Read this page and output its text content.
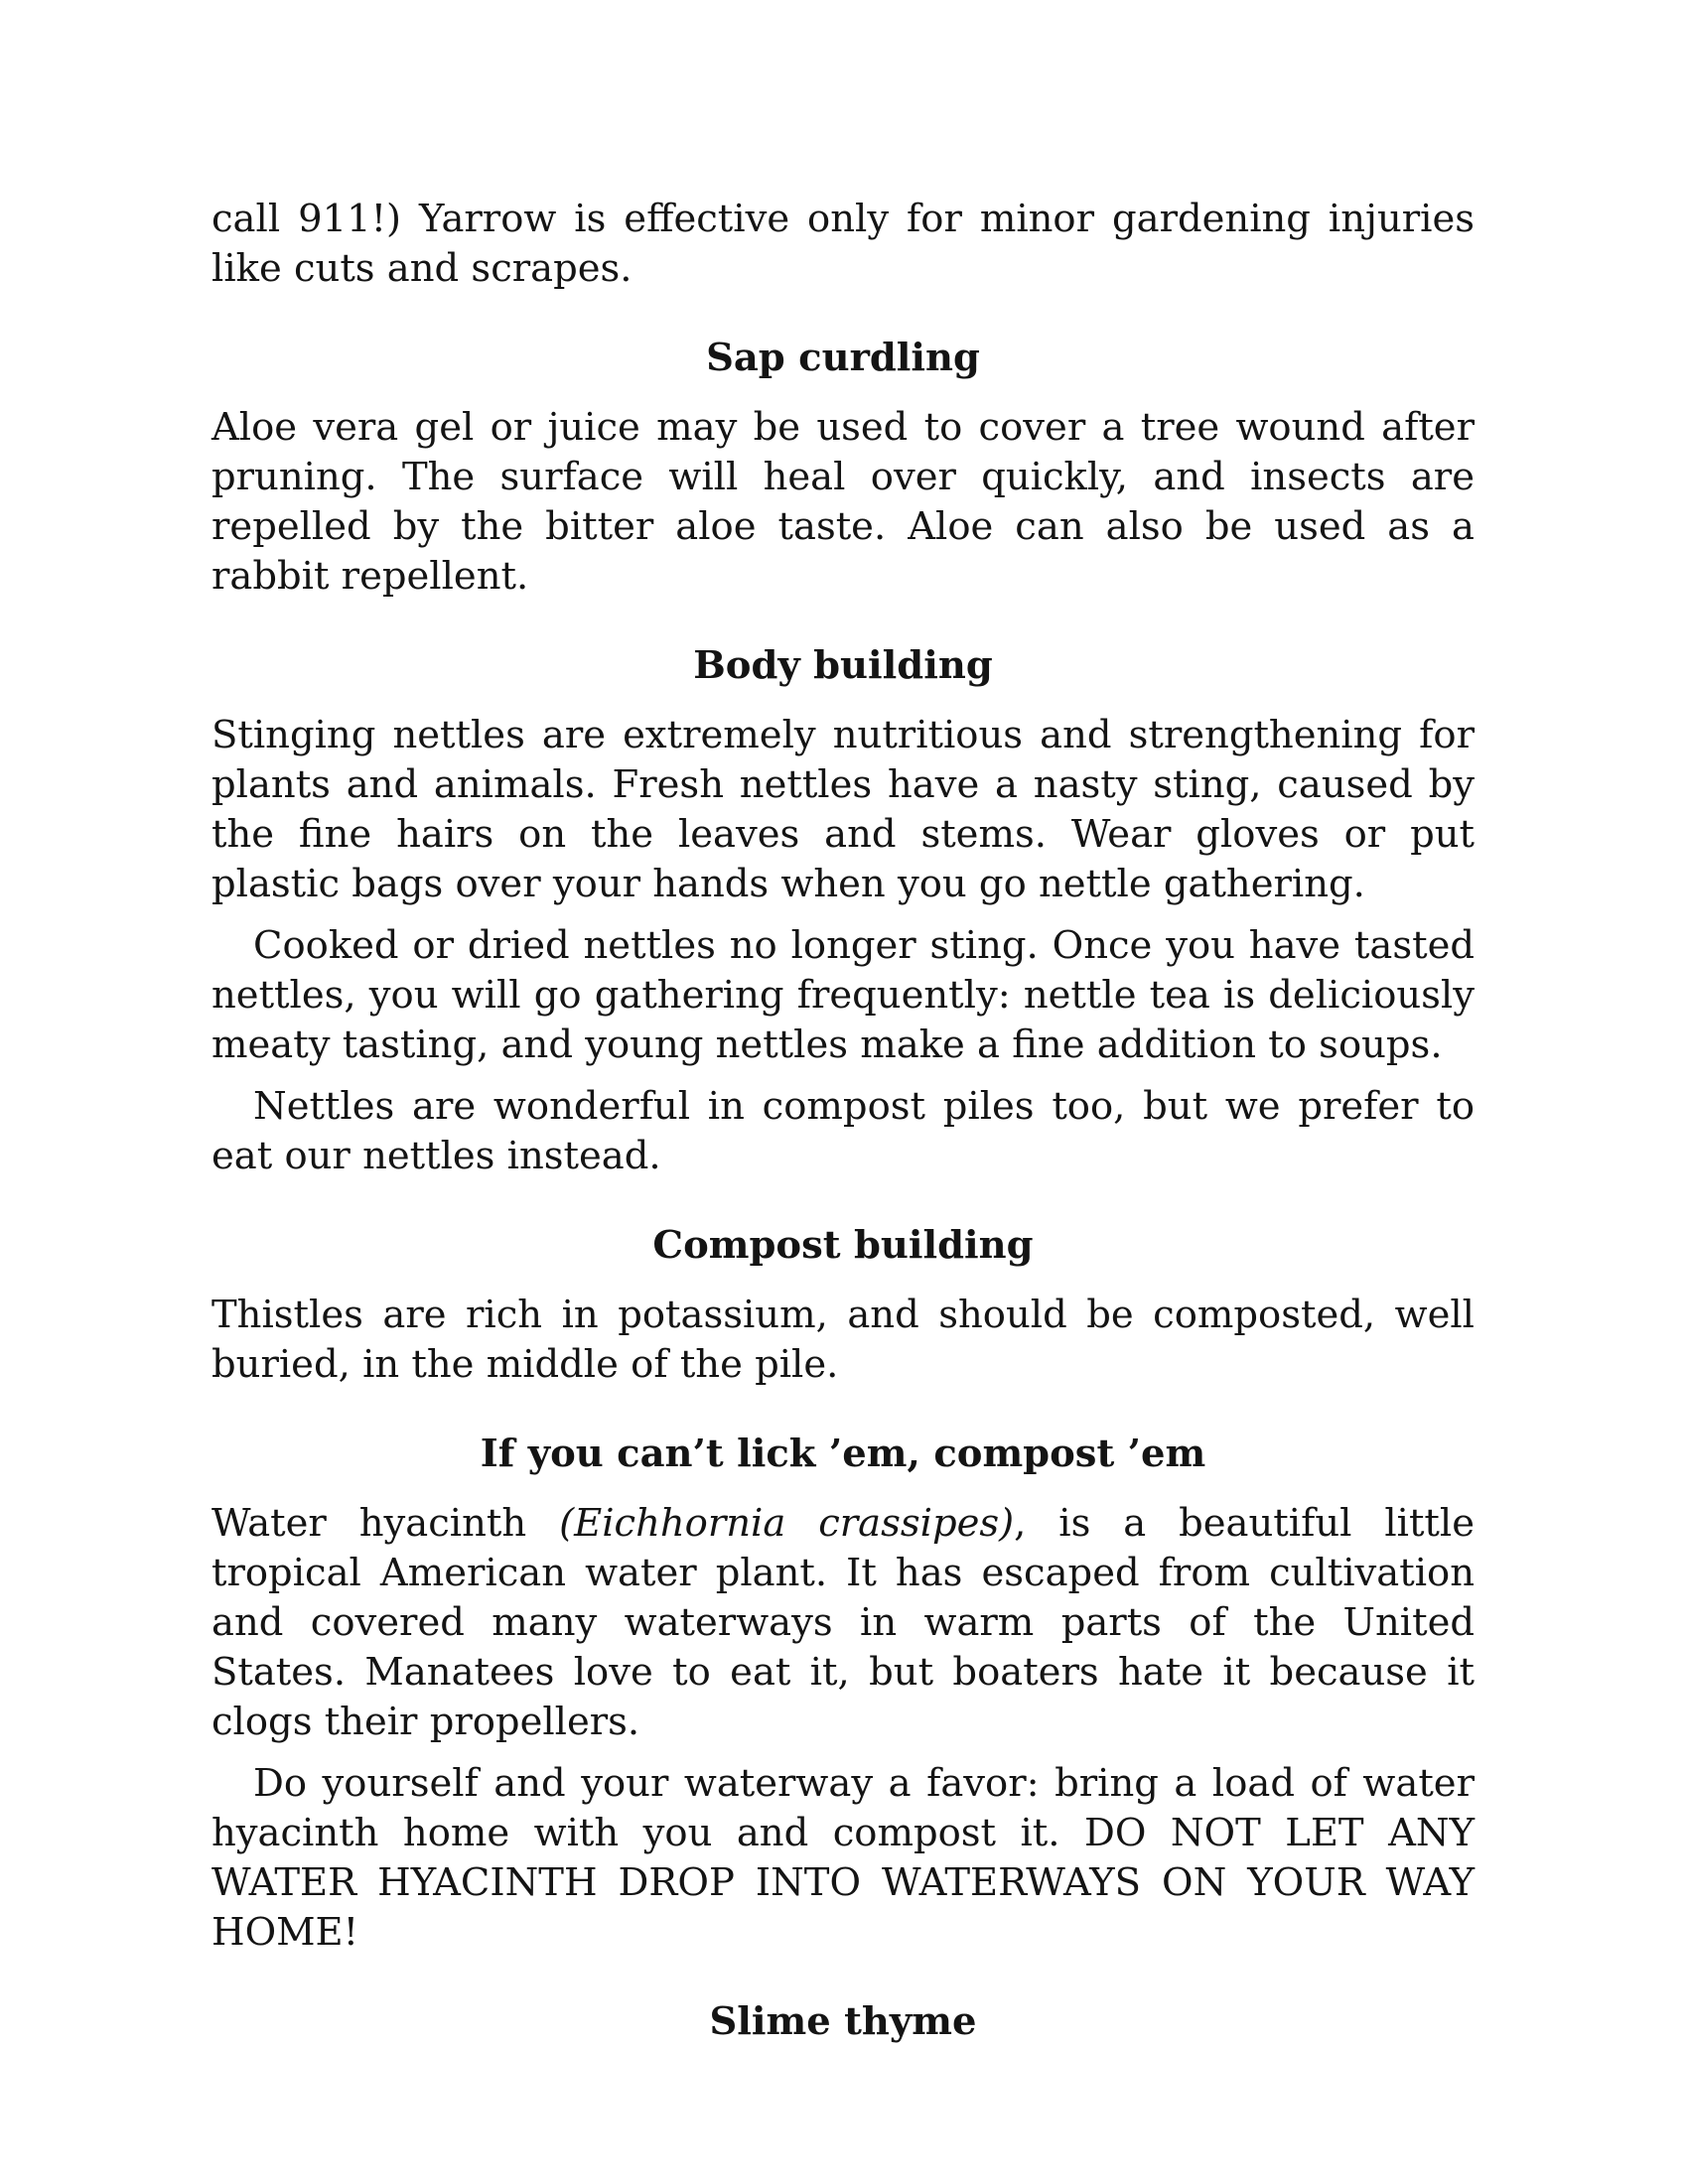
call 911!) Yarrow is effective only for minor gardening injuries like cuts and scrapes.

Sap curdling

Aloe vera gel or juice may be used to cover a tree wound after pruning. The surface will heal over quickly, and insects are repelled by the bitter aloe taste. Aloe can also be used as a rabbit repellent.

Body building

Stinging nettles are extremely nutritious and strengthening for plants and animals. Fresh nettles have a nasty sting, caused by the fine hairs on the leaves and stems. Wear gloves or put plastic bags over your hands when you go nettle gathering.

Cooked or dried nettles no longer sting. Once you have tasted nettles, you will go gathering frequently: nettle tea is deliciously meaty tasting, and young nettles make a fine addition to soups.

Nettles are wonderful in compost piles too, but we prefer to eat our nettles instead.

Compost building

Thistles are rich in potassium, and should be composted, well buried, in the middle of the pile.

If you can’t lick ’em, compost ’em

Water hyacinth (Eichhornia crassipes), is a beautiful little tropical American water plant. It has escaped from cultivation and covered many waterways in warm parts of the United States. Manatees love to eat it, but boaters hate it because it clogs their propellers.

Do yourself and your waterway a favor: bring a load of water hyacinth home with you and compost it. DO NOT LET ANY WATER HYACINTH DROP INTO WATERWAYS ON YOUR WAY HOME!

Slime thyme
